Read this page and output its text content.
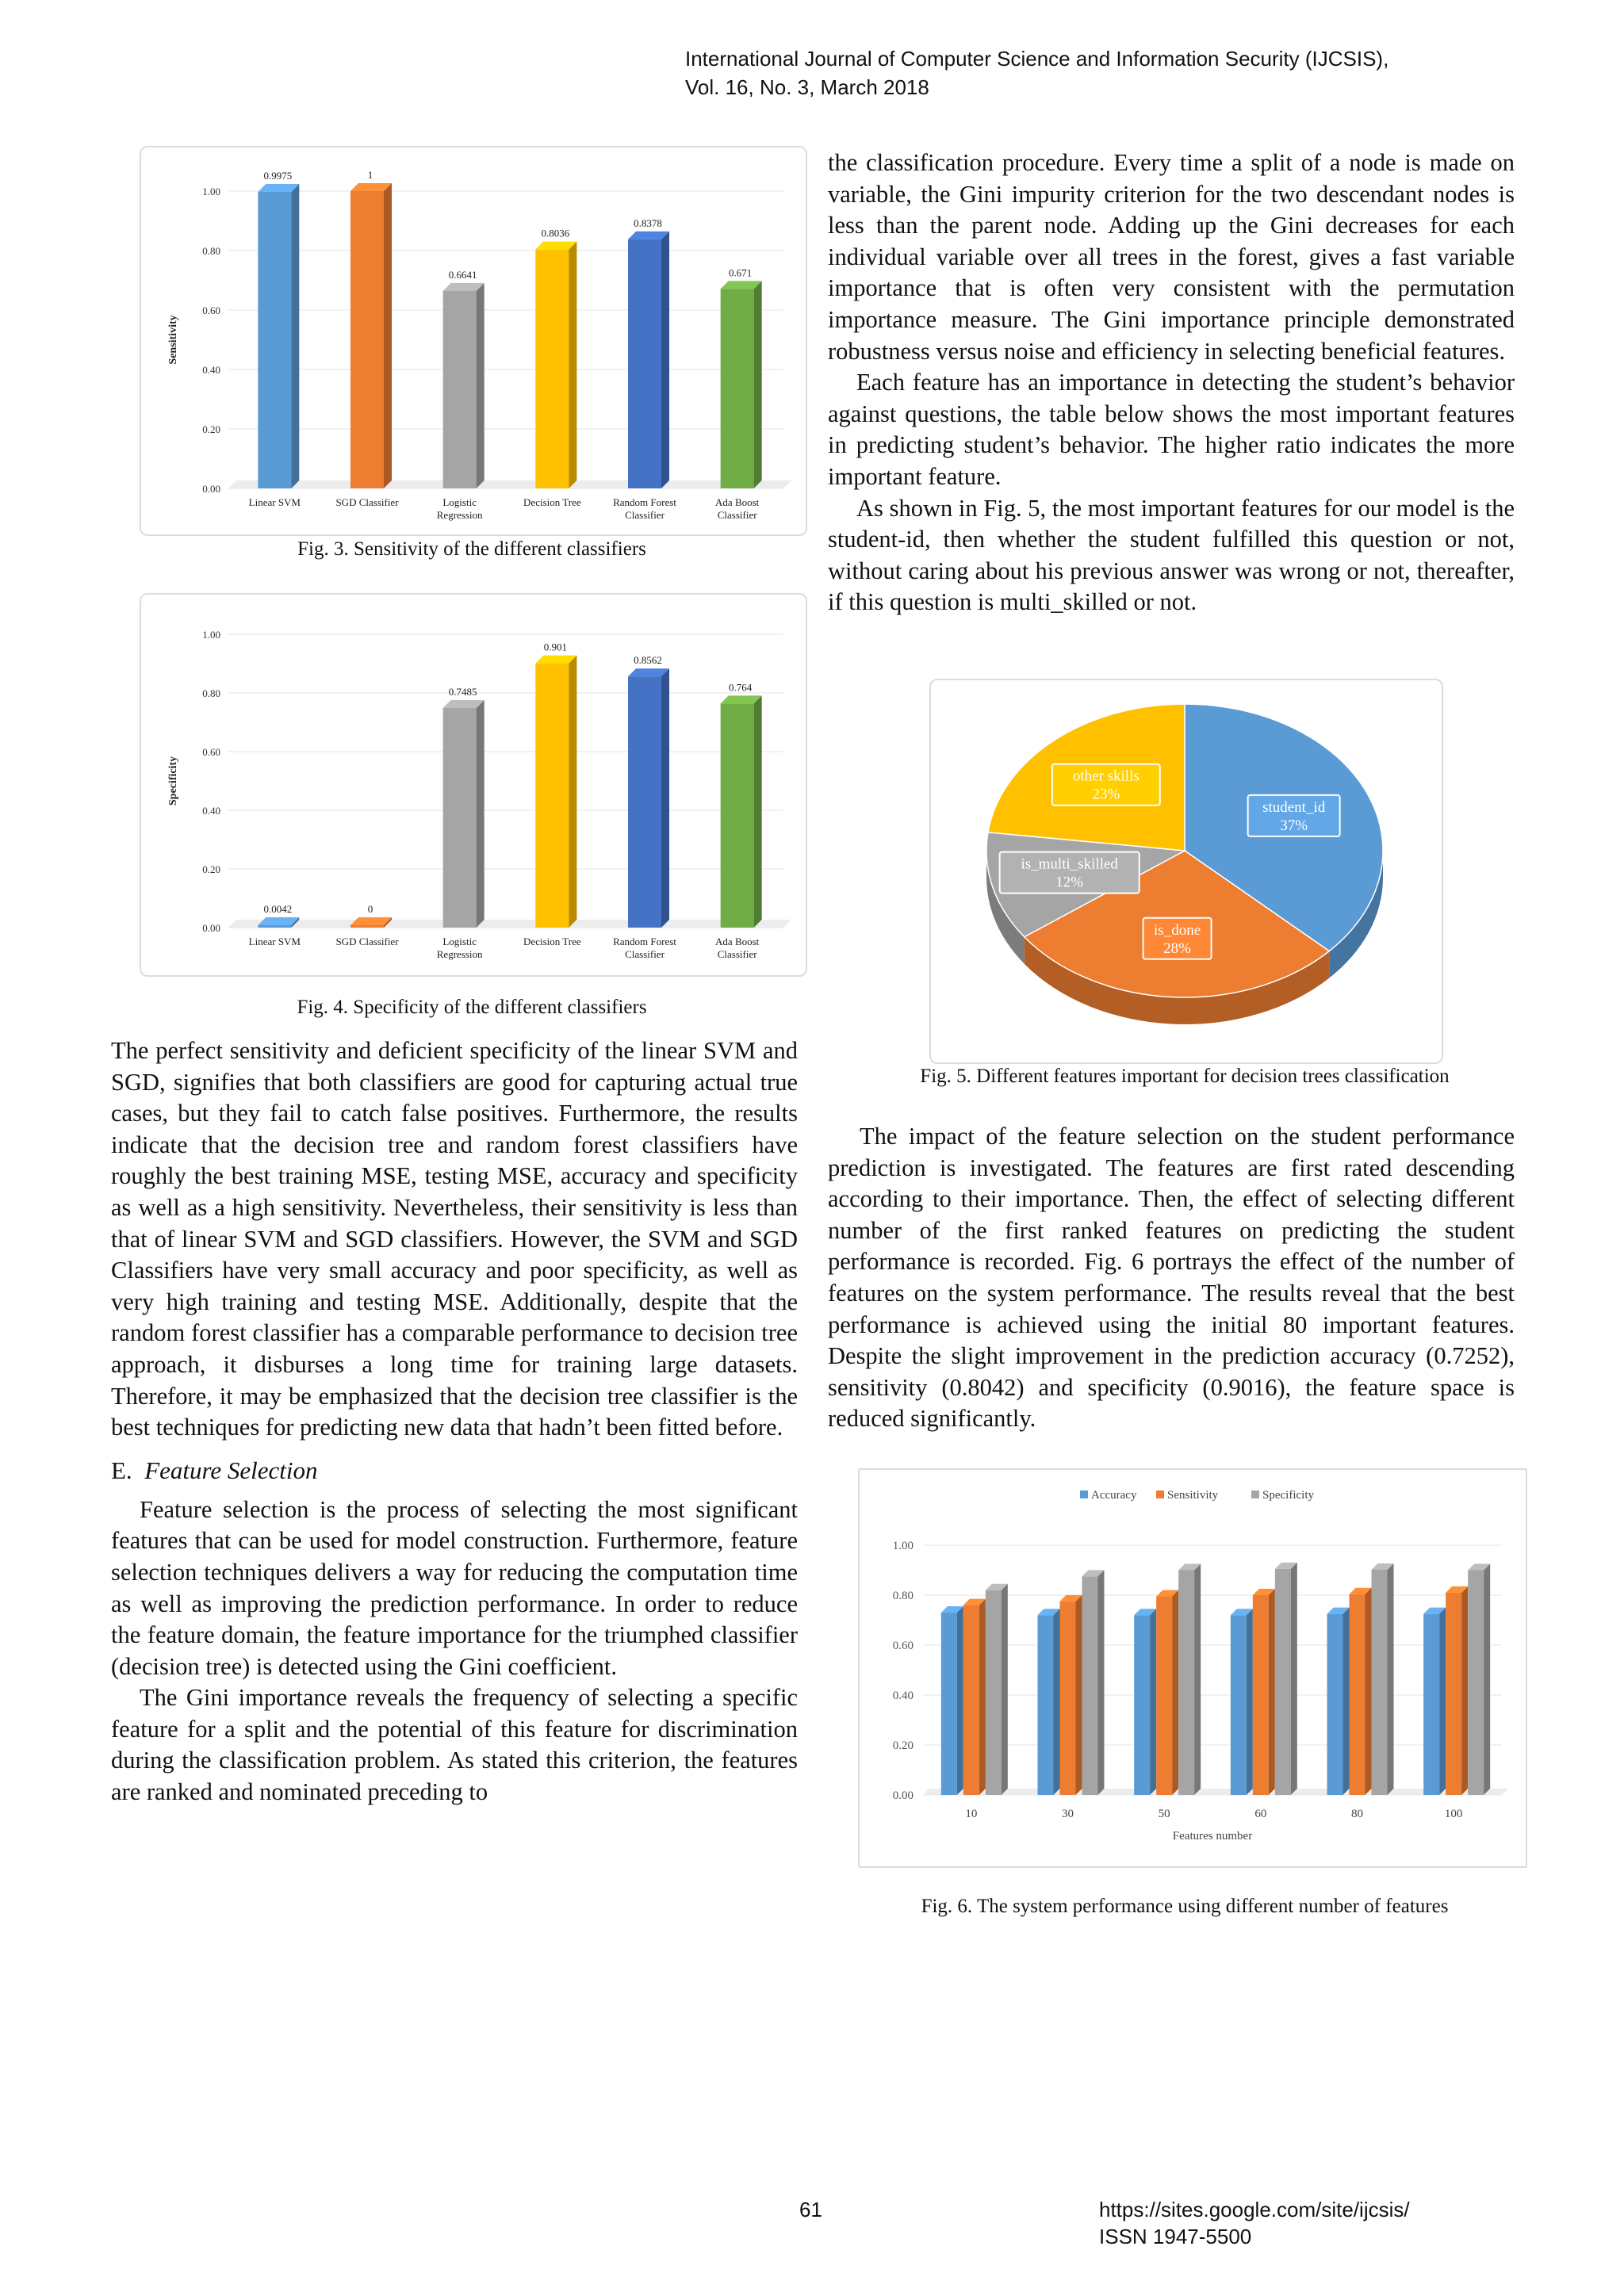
International Journal of Computer Science and Information Security (IJCSIS),
Vol. 16, No. 3, March 2018
0.00
0.20
0.40
0.60
0.80
1.00
Sensitivity
0.9975
Linear SVM
1
SGD Classifier
0.6641
Logistic
Regression
0.8036
Decision Tree
0.8378
Random Forest
Classifier
0.671
Ada Boost
Classifier
Fig. 3. Sensitivity of the different classifiers
0.00
0.20
0.40
0.60
0.80
1.00
Specificity
0.0042
Linear SVM
0
SGD Classifier
0.7485
Logistic
Regression
0.901
Decision Tree
0.8562
Random Forest
Classifier
0.764
Ada Boost
Classifier
Fig. 4. Specificity of the different classifiers

The perfect sensitivity and deficient specificity of the linear SVM and SGD, signifies that both classifiers are good for capturing actual true cases, but they fail to catch false positives. Furthermore, the results indicate that the decision tree and random forest classifiers have roughly the best training MSE, testing MSE, accuracy and specificity as well as a high sensitivity. Nevertheless, their sensitivity is less than that of linear SVM and SGD classifiers. However, the SVM and SGD Classifiers have very small accuracy and poor specificity, as well as very high training and testing MSE. Additionally, despite that the random forest classifier has a comparable performance to decision tree approach, it disburses a long time for training large datasets. Therefore, it may be emphasized that the decision tree classifier is the best techniques for predicting new data that hadn’t been fitted before.

E. Feature Selection

Feature selection is the process of selecting the most significant features that can be used for model construction. Furthermore, feature selection techniques delivers a way for reducing the computation time as well as improving the prediction performance. In order to reduce the feature domain, the feature importance for the triumphed classifier (decision tree) is detected using the Gini coefficient.

The Gini importance reveals the frequency of selecting a specific feature for a split and the potential of this feature for discrimination during the classification problem. As stated this criterion, the features are ranked and nominated preceding to

the classification procedure. Every time a split of a node is made on variable, the Gini impurity criterion for the two descendant nodes is less than the parent node. Adding up the Gini decreases for each individual variable over all trees in the forest, gives a fast variable importance that is often very consistent with the permutation importance measure. The Gini importance principle demonstrated robustness versus noise and efficiency in selecting beneficial features.

Each feature has an importance in detecting the student’s behavior against questions, the table below shows the most important features in predicting student’s behavior. The higher ratio indicates the more important feature.

As shown in Fig. 5, the most important features for our model is the student-id, then whether the student fulfilled this question or not, without caring about his previous answer was wrong or not, thereafter, if this question is multi_skilled or not.

student_id
37%
is_done
28%
is_multi_skilled
12%
other skills
23%
Fig. 5. Different features important for decision trees classification

The impact of the feature selection on the student performance prediction is investigated. The features are first rated descending according to their importance. Then, the effect of selecting different number of the first ranked features on predicting the student performance is recorded. Fig. 6 portrays the effect of the number of features on the system performance. The results reveal that the best performance is achieved using the initial 80 important features. Despite the slight improvement in the prediction accuracy (0.7252), sensitivity (0.8042) and specificity (0.9016), the feature space is reduced significantly.

0.00
0.20
0.40
0.60
0.80
1.00
Accuracy	Sensitivity	Specificity
10	30	50	60	80	100
Features number
Fig. 6. The system performance using different number of features
61	https://sites.google.com/site/ijcsis/
ISSN 1947-5500
